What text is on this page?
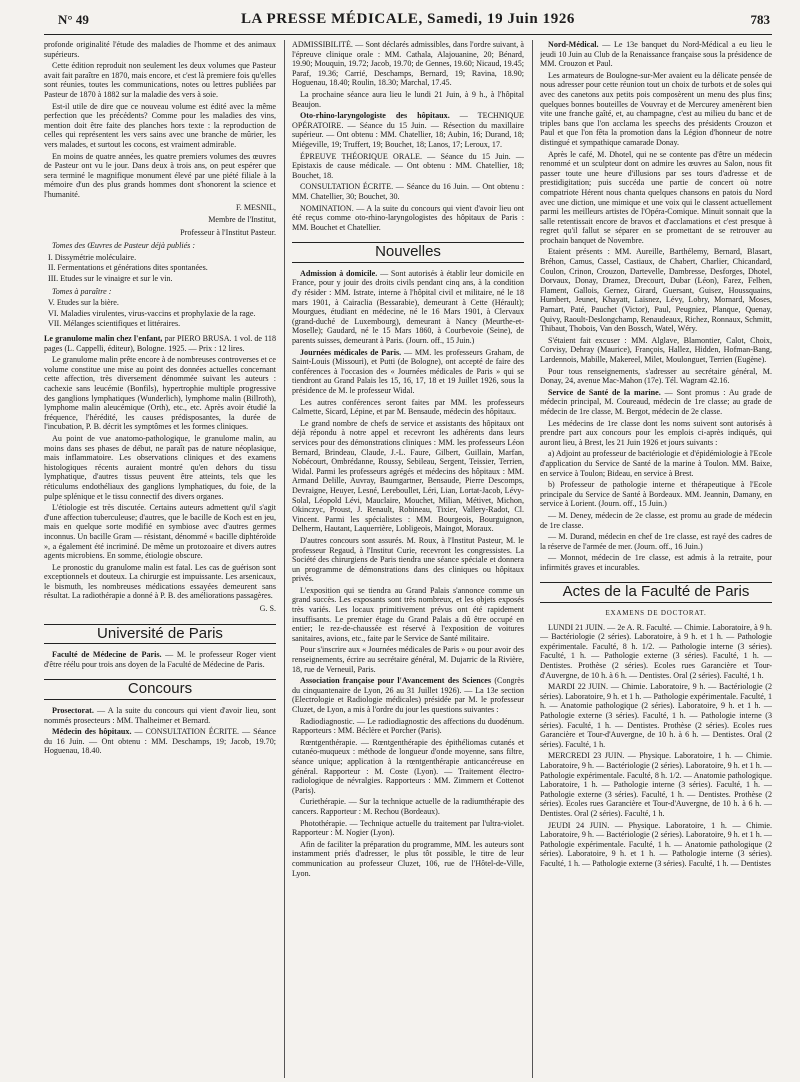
N° 49	LA PRESSE MÉDICALE, Samedi, 19 Juin 1926	783

profonde originalité l'étude des maladies de l'homme et des animaux supérieurs.

Cette édition reproduit non seulement les deux volumes que Pasteur avait fait paraître en 1870, mais encore, et c'est là premiere fois qu'elles sont réunies, toutes les communications, notes ou lettres publiées par Pasteur de 1870 à 1882 sur la maladie des vers à soie.

Est-il utile de dire que ce nouveau volume est édité avec la même perfection que les précédents? Comme pour les maladies des vins, mention doit être faite des planches hors texte : la reproduction de celles qui représentent les vers sains avec une branche de mûrier, les vers malades, et surtout les cocons, est vraiment admirable.

En moins de quatre années, les quatre premiers volumes des œuvres de Pasteur ont vu le jour. Dans deux à trois ans, on peut espérer que sera terminé le magnifique monument élevé par une piété filiale à la mémoire d'un des plus grands hommes dont s'honorent la science et l'humanité.

F. MESNIL,

Membre de l'Institut,

Professeur à l'Institut Pasteur.

Tomes des Œuvres de Pasteur déjà publiés :

I. Dissymétrie moléculaire.
II. Fermentations et générations dites spontanées.
III. Etudes sur le vinaigre et sur le vin.

Tomes à paraître :

V. Etudes sur la bière.
VI. Maladies virulentes, virus-vaccins et prophylaxie de la rage.
VII. Mélanges scientifiques et littéraires.

Le granulome malin chez l'enfant, par PIERO BRUSA. 1 vol. de 118 pages (L. Cappelli, éditeur), Bologne. 1925. — Prix : 12 lires.

Le granulome malin prête encore à de nombreuses controverses et ce volume constitue une mise au point des données actuelles concernant cette affection, très diversement dénommée suivant les auteurs : cachexie sans leucémie (Bonfils), hypertrophie multiple progressive des ganglions lymphatiques (Wunderlich), lymphome malin (Billroth), lymphome malin aleucémique (Orth), etc., etc. Après avoir étudié la fréquence, l'hérédité, les causes prédisposantes, la durée de l'incubation, P. B. décrit les symptômes et les formes cliniques.

Au point de vue anatomo-pathologique, le granulome malin, au moins dans ses phases de début, ne paraît pas de nature néoplasique, mais inflammatoire. Les observations cliniques et des examens histologiques récents auraient montré qu'en dehors du tissu lymphatique, d'autres tissus peuvent être atteints, tels que les réticulums endothéliaux des ganglions lymphatiques, du foie, de la pulpe splénique et le tissu connectif des divers organes.

L'étiologie est très discutée. Certains auteurs admettent qu'il s'agit d'une affection tuberculeuse; d'autres, que le bacille de Koch est en jeu, mais en quelque sorte modifié en symbiose avec d'autres germes inconnus. Un bacille Gram — résistant, dénommé « bacille diphtéroïde », a également été incriminé. De même un protozoaire et divers autres agents microbiens. En somme, étiologie obscure.

Le pronostic du granulome malin est fatal. Les cas de guérison sont exceptionnels et douteux. La chirurgie est impuissante. Les arsenicaux, le bismuth, les nombreuses médications essayées demeurent sans résultat. La radiothérapie a donné à P. B. des améliorations passagères.

G. S.

Université de Paris

Faculté de Médecine de Paris. — M. le professeur Roger vient d'être réélu pour trois ans doyen de la Faculté de Médecine de Paris.

Concours

Prosectorat. — A la suite du concours qui vient d'avoir lieu, sont nommés prosecteurs : MM. Thalheimer et Bernard.

Médecin des hôpitaux. — CONSULTATION ÉCRITE. — Séance du 16 Juin. — Ont obtenu : MM. Deschamps, 19; Jacob, 19.70; Hoguenau, 18.40.

ADMISSIBILITÉ. — Sont déclarés admissibles, dans l'ordre suivant, à l'épreuve clinique orale : MM. Cathala, Alajouanine, 20; Bénard, 19.90; Mouquin, 19.72; Jacob, 19.70; de Gennes, 19.60; Nicaud, 19.45; Paraf, 19.36; Carrié, Deschamps, Bernard, 19; Ravina, 18.90; Hoguenau, 18.40; Roulin, 18.30; Marchal, 17.45.

La prochaine séance aura lieu le lundi 21 Juin, à 9 h., à l'hôpital Beaujon.

Oto-rhino-laryngologiste des hôpitaux. — TECHNIQUE OPÉRATOIRE. — Séance du 15 Juin. — Résection du maxillaire supérieur. — Ont obtenu : MM. Chatellier, 18; Aubin, 16; Durand, 18; Miégeville, 19; Truffert, 19; Bouchet, 18; Lanos, 17; Leroux, 17.

ÉPREUVE THÉORIQUE ORALE. — Séance du 15 Juin. — Epistaxis de cause médicale. — Ont obtenu : MM. Chatellier, 18; Bouchet, 18.

CONSULTATION ÉCRITE. — Séance du 16 Juin. — Ont obtenu : MM. Chatellier, 30; Bouchet, 30.

NOMINATION. — A la suite du concours qui vient d'avoir lieu ont été reçus comme oto-rhino-laryngologistes des hôpitaux de Paris : MM. Bouchet et Chatellier.

Nouvelles

Admission à domicile. — Sont autorisés à établir leur domicile en France, pour y jouir des droits civils pendant cinq ans, à la condition d'y résider : MM. Istrate, interne à l'hôpital civil et militaire, né le 18 mars 1901, à Cairaclia (Bessarabie), demeurant à Cette (Hérault); Mourgues, étudiant en médecine, né le 16 Mars 1901, à Clervaux (grand-duché de Luxembourg), demeurant à Nancy (Meurthe-et-Moselle); Gaudard, né le 15 Mars 1860, à Courbevoie (Seine), de parents suisses, demeurant à Paris. (Journ. off., 15 Juin.)

Journées médicales de Paris. — MM. les professeurs Graham, de Saint-Louis (Missouri), et Putti (de Bologne), ont accepté de faire des conférences à l'occasion des « Journées médicales de Paris » qui se tiendront au Grand Palais les 15, 16, 17, 18 et 19 Juillet 1926, sous la présidence de M. le professeur Widal.

Les autres conférences seront faites par MM. les professeurs Calmette, Sicard, Lépine, et par M. Bensaude, médecin des hôpitaux.

Le grand nombre de chefs de service et assistants des hôpitaux ont déjà répondu à notre appel et recevront les adhérents dans leurs services pour des démonstrations cliniques : MM. les professeurs Léon Bernard, Brindeau, Claude, J.-L. Faure, Gilbert, Guillain, Marfan, Nobécourt, Ombrédanne, Roussy, Sebileau, Sergent, Teissier, Terrien, Widal. Parmi les professeurs agrégés et médecins des hôpitaux : MM. Armand Delille, Auvray, Baumgartner, Bensaude, Pierre Descomps, Devraigne, Heuyer, Lesné, Lereboullet, Léri, Lian, Lortat-Jacob, Lévy-Solal, Léopold Lévi, Mauclaire, Mouchet, Milian, Métivet, Michon, Okinczyc, Proust, J. Renault, Robineau, Tixier, Vallery-Radot, Cl. Vincent. Parmi les spécialistes : MM. Bourgeois, Bourguignon, Delherm, Hautant, Laquerrière, Lobligeois, Maingot, Moraux.

D'autres concours sont assurés. M. Roux, à l'Institut Pasteur, M. le professeur Regaud, à l'Institut Curie, recevront les congressistes. La Société des chirurgiens de Paris tiendra une séance spéciale et donnera un programme de démonstrations dans des cliniques ou hôpitaux privés.

L'exposition qui se tiendra au Grand Palais s'annonce comme un grand succès. Les exposants sont très nombreux, et les objets exposés très variés. Les locaux primitivement prévus ont été rapidement insuffisants. Le premier étage du Grand Palais a dû être occupé en entier; le rez-de-chaussée est réservé à l'exposition de voitures sanitaires, avions, etc., faite par le Service de Santé militaire.

Pour s'inscrire aux « Journées médicales de Paris » ou pour avoir des renseignements, écrire au secrétaire général, M. Dujarric de la Rivière, 18, rue de Verneuil, Paris.

Association française pour l'Avancement des Sciences (Congrès du cinquantenaire de Lyon, 26 au 31 Juillet 1926). — La 13e section (Electrologie et Radiologie médicales) présidée par M. le professeur Cluzet, de Lyon, a mis à l'ordre du jour les questions suivantes :

Radiodiagnostic. — Le radiodiagnostic des affections du duodénum. Rapporteurs : MM. Béclère et Porcher (Paris).

Rœntgenthérapie. — Rœntgenthérapie des épithéliomas cutanés et cutanéo-muqueux : méthode de longueur d'onde moyenne, sans filtre, séance unique; application à la rœntgenthérapie anticancéreuse en général. Rapporteur : M. Coste (Lyon). — Traitement électro-radiologique de névralgies. Rapporteurs : MM. Zimmern et Cottenot (Paris).

Curiethérapie. — Sur la technique actuelle de la radiumthérapie des cancers. Rapporteur : M. Rechou (Bordeaux).

Photothérapie. — Technique actuelle du traitement par l'ultra-violet. Rapporteur : M. Nogier (Lyon).

Afin de faciliter la préparation du programme, MM. les auteurs sont instamment priés d'adresser, le plus tôt possible, le titre de leur communication au professeur Cluzet, 106, rue de l'Hôtel-de-Ville, Lyon.

Nord-Médical. — Le 13e banquet du Nord-Médical a eu lieu le jeudi 10 Juin au Club de la Renaissance française sous la présidence de MM. Crouzon et Paul.

Les armateurs de Boulogne-sur-Mer avaient eu la délicate pensée de nous adresser pour cette réunion tout un choix de turbots et de soles qui avec des canetons aux petits pois composèrent un menu des plus fins; quelques bonnes bouteilles de Vouvray et de Mercurey amenèrent bien vite une franche gaîté, et, au champagne, c'est au milieu du banc et de triples bans que l'on acclama les speechs des présidents Crouzon et Paul et que l'on fêta la promotion dans la Légion d'honneur de notre distingué et sympathique camarade Donay.

Après le café, M. Dhotel, qui ne se contente pas d'être un médecin renommé et un sculpteur dont on admire les œuvres au Salon, nous fit passer toute une heure d'illusions par ses tours d'adresse et de prestidigitation; puis succéda une partie de concert où notre compatriote Hérent nous chanta quelques chansons en patois du Nord avec une diction, une mimique et une voix qui le classent actuellement parmi les meilleurs artistes de l'Opéra-Comique. Minuit sonnait que la salle retentissait encore de bravos et d'acclamations et c'est presque à regret qu'il fallut se séparer en se promettant de se retrouver au prochain banquet de Novembre.

Etaient présents : MM. Aureille, Barthélemy, Bernard, Blasart, Bréhon, Camus, Cassel, Castiaux, de Chabert, Charlier, Chicandard, Coulon, Crinon, Crouzon, Dartevelle, Dambresse, Desforges, Dhotel, Dorvaux, Donay, Dramez, Drecourt, Dubar (Léon), Farez, Felhen, Flament, Gallois, Gernez, Girard, Guersant, Guisez, Houssquains, Humbert, Jeunet, Khayatt, Laisnez, Lévy, Lobry, Mornard, Moses, Parnart, Paté, Pauchet (Victor), Paul, Peugniez, Planque, Quenay, Quivy, Raoult-Deslongchamp, Renaudeaux, Richez, Ronnaux, Schmitt, Thibaut, Thobois, Van den Bossch, Watel, Wéry.

S'étaient fait excuser : MM. Alglave, Blamontier, Calot, Choix, Corvisy, Dehray (Maurice), François, Hallez, Hidden, Hofman-Bang, Lardennois, Mabille, Makereel, Milet, Moulonguet, Terrien (Eugène).

Pour tous renseignements, s'adresser au secrétaire général, M. Donay, 24, avenue Mac-Mahon (17e). Tél. Wagram 42.16.

Service de Santé de la marine. — Sont promus : Au grade de médecin principal, M. Coureaud, médecin de 1re classe; au grade de médecin de 1re classe, M. Bergot, médecin de 2e classe.

Les médecins de 1re classe dont les noms suivent sont autorisés à prendre part aux concours pour les emplois ci-après indiqués, qui auront lieu, à Brest, les 21 Juin 1926 et jours suivants :

a) Adjoint au professeur de bactériologie et d'épidémiologie à l'Ecole d'application du Service de Santé de la marine à Toulon. MM. Baixe, en service à Toulon; Bideau, en service à Brest.

b) Professeur de pathologie interne et thérapeutique à l'Ecole principale du Service de Santé à Bordeaux. MM. Jeannin, Damany, en service à Lorient. (Journ. off., 15 Juin.)

— M. Deney, médecin de 2e classe, est promu au grade de médecin de 1re classe.

— M. Durand, médecin en chef de 1re classe, est rayé des cadres de la réserve de l'armée de mer. (Journ. off., 16 Juin.)

— Monnot, médecin de 1re classe, est admis à la retraite, pour infirmités graves et incurables.

Actes de la Faculté de Paris

EXAMENS DE DOCTORAT.

LUNDI 21 JUIN. — 2e A. R. Faculté. — Chimie. Laboratoire, à 9 h. — Bactériologie (2 séries). Laboratoire, à 9 h. et 1 h. — Pathologie expérimentale. Faculté, 8 h. 1/2. — Pathologie interne (3 séries). Faculté, 1 h. — Pathologie externe (3 séries). Faculté, 1 h. — Dentistes. Prothèse (2 séries). Ecoles rues Garancière et Tour-d'Auvergne, de 10 h. à 6 h. — Dentistes. Oral (2 séries). Faculté, 1 h.

MARDI 22 JUIN. — Chimie. Laboratoire, 9 h. — Bactériologie (2 séries). Laboratoire, 9 h. et 1 h. — Pathologie expérimentale. Faculté, 1 h. — Anatomie pathologique (2 séries). Laboratoire, 9 h. et 1 h. — Pathologie externe (3 séries). Faculté, 1 h. — Pathologie interne (3 séries). Faculté, 1 h. — Dentistes. Prothèse (2 séries). Ecoles rues Garancière et Tour-d'Auvergne, de 10 h. à 6 h. — Dentistes. Oral (2 séries). Faculté, 1 h.

MERCREDI 23 JUIN. — Physique. Laboratoire, 1 h. — Chimie. Laboratoire, 9 h. — Bactériologie (2 séries). Laboratoire, 9 h. et 1 h. — Pathologie expérimentale. Faculté, 8 h. 1/2. — Anatomie pathologique. Laboratoire, 1 h. — Pathologie interne (3 séries). Faculté, 1 h. — Pathologie externe (3 séries). Faculté, 1 h. — Dentistes. Prothèse (2 séries). Ecoles rues Garancière et Tour-d'Auvergne, de 10 h. à 6 h. — Dentistes. Oral (2 séries). Faculté, 1 h.

JEUDI 24 JUIN. — Physique. Laboratoire, 1 h. — Chimie. Laboratoire, 9 h. — Bactériologie (2 séries). Laboratoire, 9 h. et 1 h. — Pathologie expérimentale. Faculté, 1 h. — Anatomie pathologique (2 séries). Laboratoire, 9 h. et 1 h. — Pathologie interne (3 séries). Faculté, 1 h. — Pathologie externe (3 séries). Faculté, 1 h. — Dentistes
